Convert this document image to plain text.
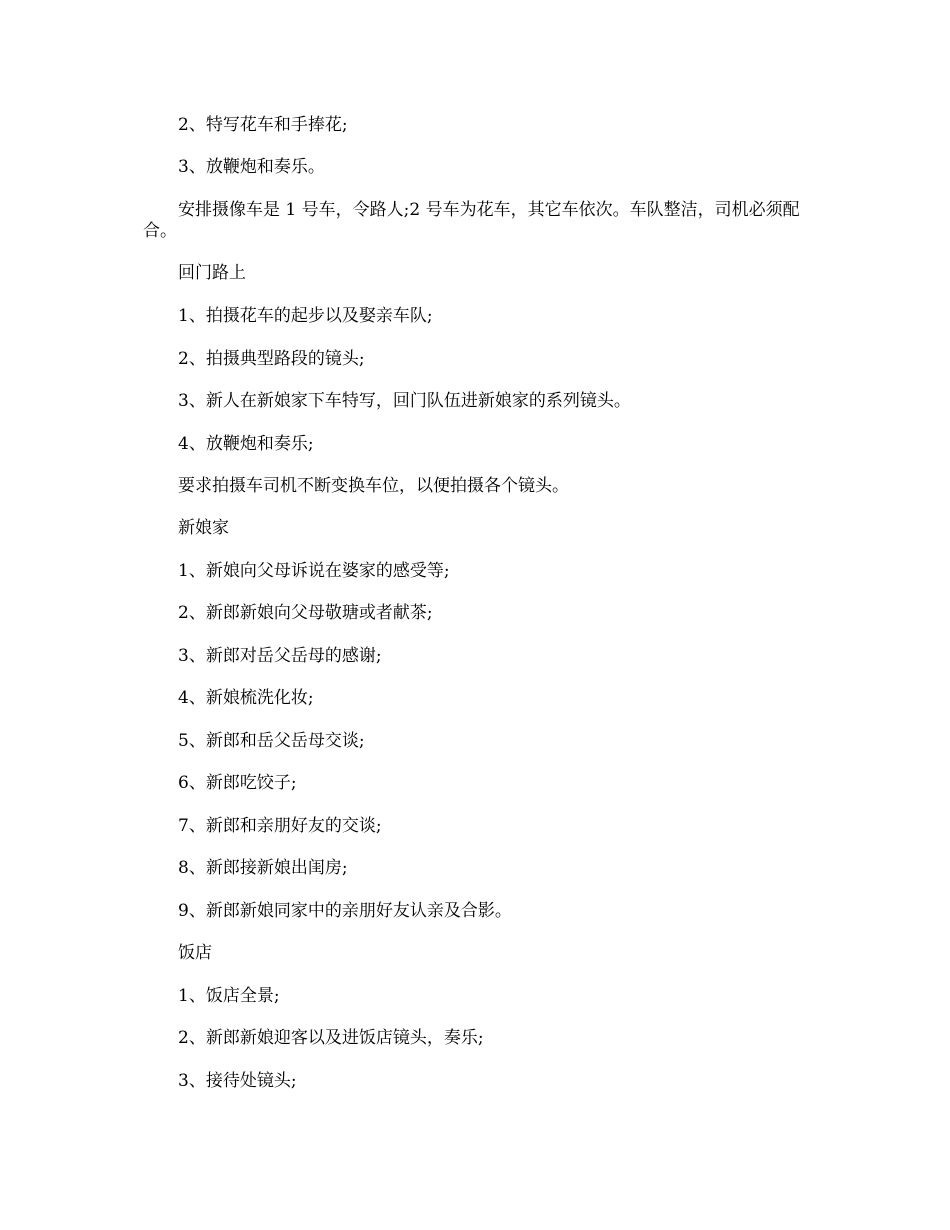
2、特写花车和手捧花;

3、放鞭炮和奏乐。

安排摄像车是 1 号车，令路人;2 号车为花车，其它车依次。车队整洁，司机必须配合。

回门路上

1、拍摄花车的起步以及娶亲车队;

2、拍摄典型路段的镜头;

3、新人在新娘家下车特写，回门队伍进新娘家的系列镜头。

4、放鞭炮和奏乐;

要求拍摄车司机不断变换车位，以便拍摄各个镜头。

新娘家

1、新娘向父母诉说在婆家的感受等;

2、新郎新娘向父母敬瑭或者献茶;

3、新郎对岳父岳母的感谢;

4、新娘梳洗化妆;

5、新郎和岳父岳母交谈;

6、新郎吃饺子;

7、新郎和亲朋好友的交谈;

8、新郎接新娘出闺房;

9、新郎新娘同家中的亲朋好友认亲及合影。

饭店

1、饭店全景;

2、新郎新娘迎客以及进饭店镜头，奏乐;

3、接待处镜头;
